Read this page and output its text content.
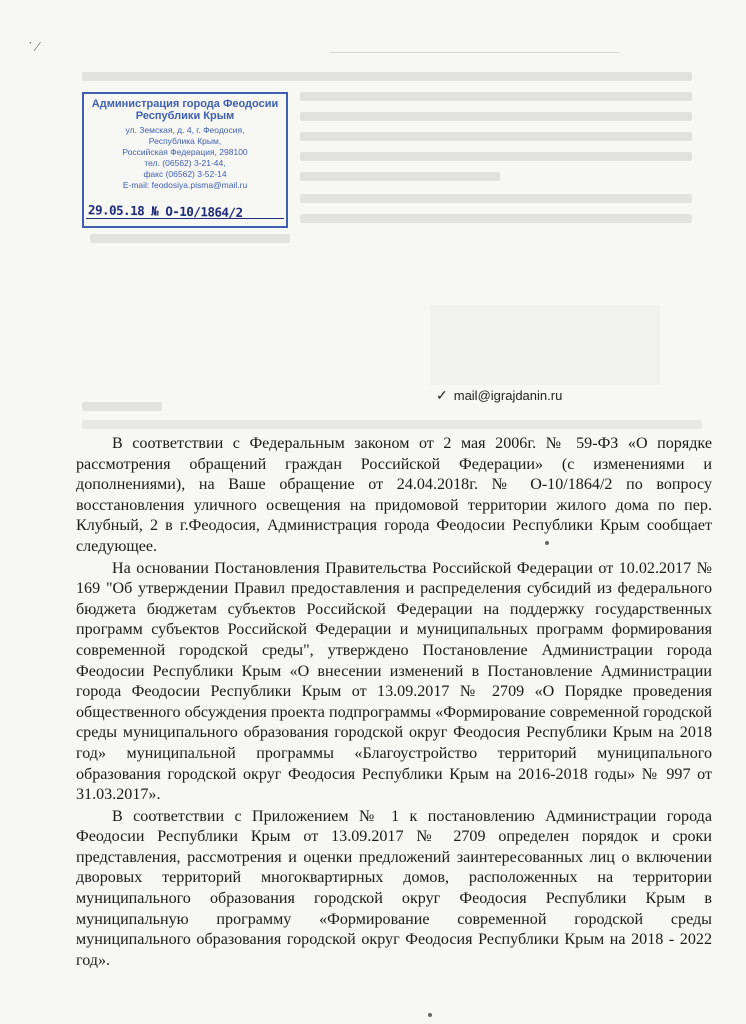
˙ ⁄
Администрация города Феодосии
Республики Крым
ул. Земская, д. 4, г. Феодосия,
Республика Крым,
Российская Федерация, 298100
тел. (06562) 3-21-44,
факс (06562) 3-52-14
E-mail: feodosiya.pisma@mail.ru
29.05.18 № О-10/1864/2
✓ mail@igrajdanin.ru

В соответствии с Федеральным законом от 2 мая 2006г. № 59-ФЗ «О порядке рассмотрения обращений граждан Российской Федерации» (с изменениями и дополнениями), на Ваше обращение от 24.04.2018г. № О-10/1864/2 по вопросу восстановления уличного освещения на придомовой территории жилого дома по пер. Клубный, 2 в г.Феодосия, Администрация города Феодосии Республики Крым сообщает следующее.

На основании Постановления Правительства Российской Федерации от 10.02.2017 № 169 "Об утверждении Правил предоставления и распределения субсидий из федерального бюджета бюджетам субъектов Российской Федерации на поддержку государственных программ субъектов Российской Федерации и муниципальных программ формирования современной городской среды", утверждено Постановление Администрации города Феодосии Республики Крым «О внесении изменений в Постановление Администрации города Феодосии Республики Крым от 13.09.2017 № 2709 «О Порядке проведения общественного обсуждения проекта подпрограммы «Формирование современной городской среды муниципального образования городской округ Феодосия Республики Крым на 2018 год» муниципальной программы «Благоустройство территорий муниципального образования городской округ Феодосия Республики Крым на 2016-2018 годы» № 997 от 31.03.2017».

В соответствии с Приложением № 1 к постановлению Администрации города Феодосии Республики Крым от 13.09.2017 № 2709 определен порядок и сроки представления, рассмотрения и оценки предложений заинтересованных лиц о включении дворовых территорий многоквартирных домов, расположенных на территории муниципального образования городской округ Феодосия Республики Крым в муниципальную программу «Формирование современной городской среды муниципального образования городской округ Феодосия Республики Крым на 2018 - 2022 год».
